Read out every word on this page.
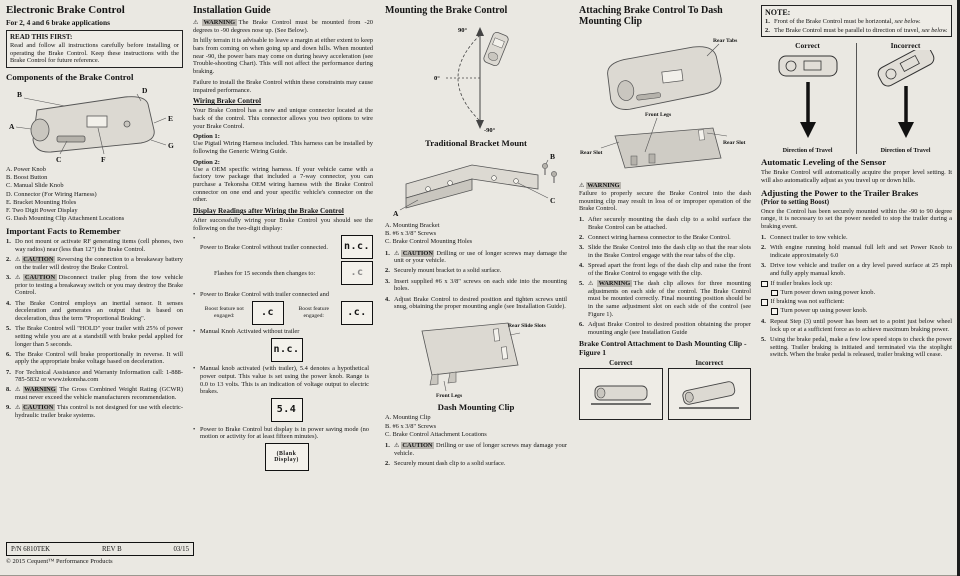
Electronic Brake Control
For 2, 4 and 6 brake applications
READ THIS FIRST:
Read and follow all instructions carefully before installing or operating the Brake Control. Keep these instructions with the Brake Control for future reference.
Components of the Brake Control
B	D
A
C
E
F
G
A. Power Knob
B. Boost Button
C. Manual Slide Knob
D. Connector (For Wiring Harness)
E. Bracket Mounting Holes
F. Two Digit Power Display
G. Dash Mounting Clip Attachment Locations
Important Facts to Remember
1. Do not mount or activate RF generating items (cell phones, two way radios) near (less than 12") the Brake Control.
2. ⚠ CAUTION Reversing the connection to a breakaway battery on the trailer will destroy the Brake Control.
3. ⚠ CAUTION Disconnect trailer plug from the tow vehicle prior to testing a breakaway switch or you may destroy the Brake Control.
4. The Brake Control employs an inertial sensor. It senses deceleration and generates an output that is based on deceleration, thus the term "Proportional Braking".
5. The Brake Control will "HOLD" your trailer with 25% of power setting while you are at a standstill with brake pedal applied for longer than 5 seconds.
6. The Brake Control will brake proportionally in reverse. It will apply the appropriate brake voltage based on deceleration.
7. For Technical Assistance and Warranty Information call: 1-888-785-5832 or www.tekonsha.com
8. ⚠ WARNING The Gross Combined Weight Rating (GCWR) must never exceed the vehicle manufacturers recommendation.
9. ⚠ CAUTION This control is not designed for use with electric-hydraulic trailer brake systems.
Installation Guide
⚠ WARNING The Brake Control must be mounted from -20 degrees to -90 degrees nose up. (See Below).
In hilly terrain it is advisable to leave a margin at either extent to keep bars from coming on when going up and down hills. When mounted near -90, the power bars may come on during heavy acceleration (see Trouble-shooting Chart). This will not affect the performance during braking.
Failure to install the Brake Control within these constraints may cause impaired performance.
Wiring Brake Control
Your Brake Control has a new and unique connector located at the back of the control. This connector allows you two options to wire your Brake Control.
Option 1:
Use Pigtail Wiring Harness included. This harness can be installed by following the Generic Wiring Guide.
Option 2:
Use a OEM specific wiring harness. If your vehicle came with a factory tow package that included a 7-way connector, you can purchase a Tekonsha OEM wiring harness with the Brake Control connector on one end and your specific vehicle's connector on the other.
Display Readings after Wiring the Brake Control
After successfully wiring your Brake Control you should see the following on the two-digit display:
•
Power to Brake Control without trailer connected.	n.c.
Flashes for 15 seconds then changes to:	.c
• Power to Brake Control with trailer connected and
Boost feature not engaged:	.c	Boost feature engaged:	.c.
• Manual Knob Activated without trailer
n.c.
• Manual knob activated (with trailer), 5.4 denotes a hypothetical power output. This value is set using the power knob. Range is 0.0 to 13 volts. This is an indication of voltage output to electric brakes.
5.4
• Power to Brake Control but display is in power saving mode (no motion or activity for at least fifteen minutes).
(Blank Display)
Mounting the Brake Control
90°
0°
-90°
Traditional Bracket Mount
A
B
C
A. Mounting Bracket
B. #6 x 3/8" Screws
C. Brake Control Mounting Holes
1. ⚠ CAUTION Drilling or use of longer screws may damage the unit or your vehicle.
2. Securely mount bracket to a solid surface.
3. Insert supplied #6 x 3/8" screws on each side into the mounting holes.
4. Adjust Brake Control to desired position and tighten screws until snug, obtaining the proper mounting angle (see Installation Guide).
Rear Slide Slots
Front Legs
Dash Mounting Clip
A. Mounting Clip
B. #6 x 3/8" Screws
C. Brake Control Attachment Locations
1. ⚠ CAUTION Drilling or use of longer screws may damage your vehicle.
2. Securely mount dash clip to a solid surface.
Attaching Brake Control To Dash Mounting Clip
Rear Tabs
Front Legs
Rear Slot
Rear Slot
⚠ WARNING
Failure to properly secure the Brake Control into the dash mounting clip may result in loss of or improper operation of the Brake Control.
1. After securely mounting the dash clip to a solid surface the Brake Control can be attached.
2. Connect wiring harness connector to the Brake Control.
3. Slide the Brake Control into the dash clip so that the rear slots in the Brake Control engage with the rear tabs of the clip.
4. Spread apart the front legs of the dash clip and raise the front of the Brake Control to engage with the clip.
5. ⚠ WARNING The dash clip allows for three mounting adjustments on each side of the control. The Brake Control must be mounted correctly. Final mounting position should be in the same adjustment slot on each side of the control (see Figure 1).
6. Adjust Brake Control to desired position obtaining the proper mounting angle (see Installation Guide
Brake Control Attachment to Dash Mounting Clip - Figure 1
Correct	Incorrect
NOTE:
1. Front of the Brake Control must be horizontal, see below.
2. The Brake Control must be parallel to direction of travel, see below.
Correct
Direction of Travel
Incorrect
Direction of Travel
Automatic Leveling of the Sensor
The Brake Control will automatically acquire the proper level setting. It will also automatically adjust as you travel up or down hills.
Adjusting the Power to the Trailer Brakes
(Prior to setting Boost)
Once the Control has been securely mounted within the -90 to 90 degree range, it is necessary to set the power needed to stop the trailer during a braking event.
1. Connect trailer to tow vehicle.
2. With engine running hold manual full left and set Power Knob to indicate approximately 6.0
3. Drive tow vehicle and trailer on a dry level paved surface at 25 mph and fully apply manual knob.
If trailer brakes lock up:
Turn power down using power knob.
If braking was not sufficient:
Turn power up using power knob.
4. Repeat Step (3) until power has been set to a point just below wheel lock up or at a sufficient force as to achieve maximum braking power.
5. Using the brake pedal, make a few low speed stops to check the power setting. Trailer braking is initiated and terminated via the stoplight switch. When the brake pedal is released, trailer braking will cease.
P/N 6810TEK	REV B	03/15
© 2015 Cequent™ Performance Products
